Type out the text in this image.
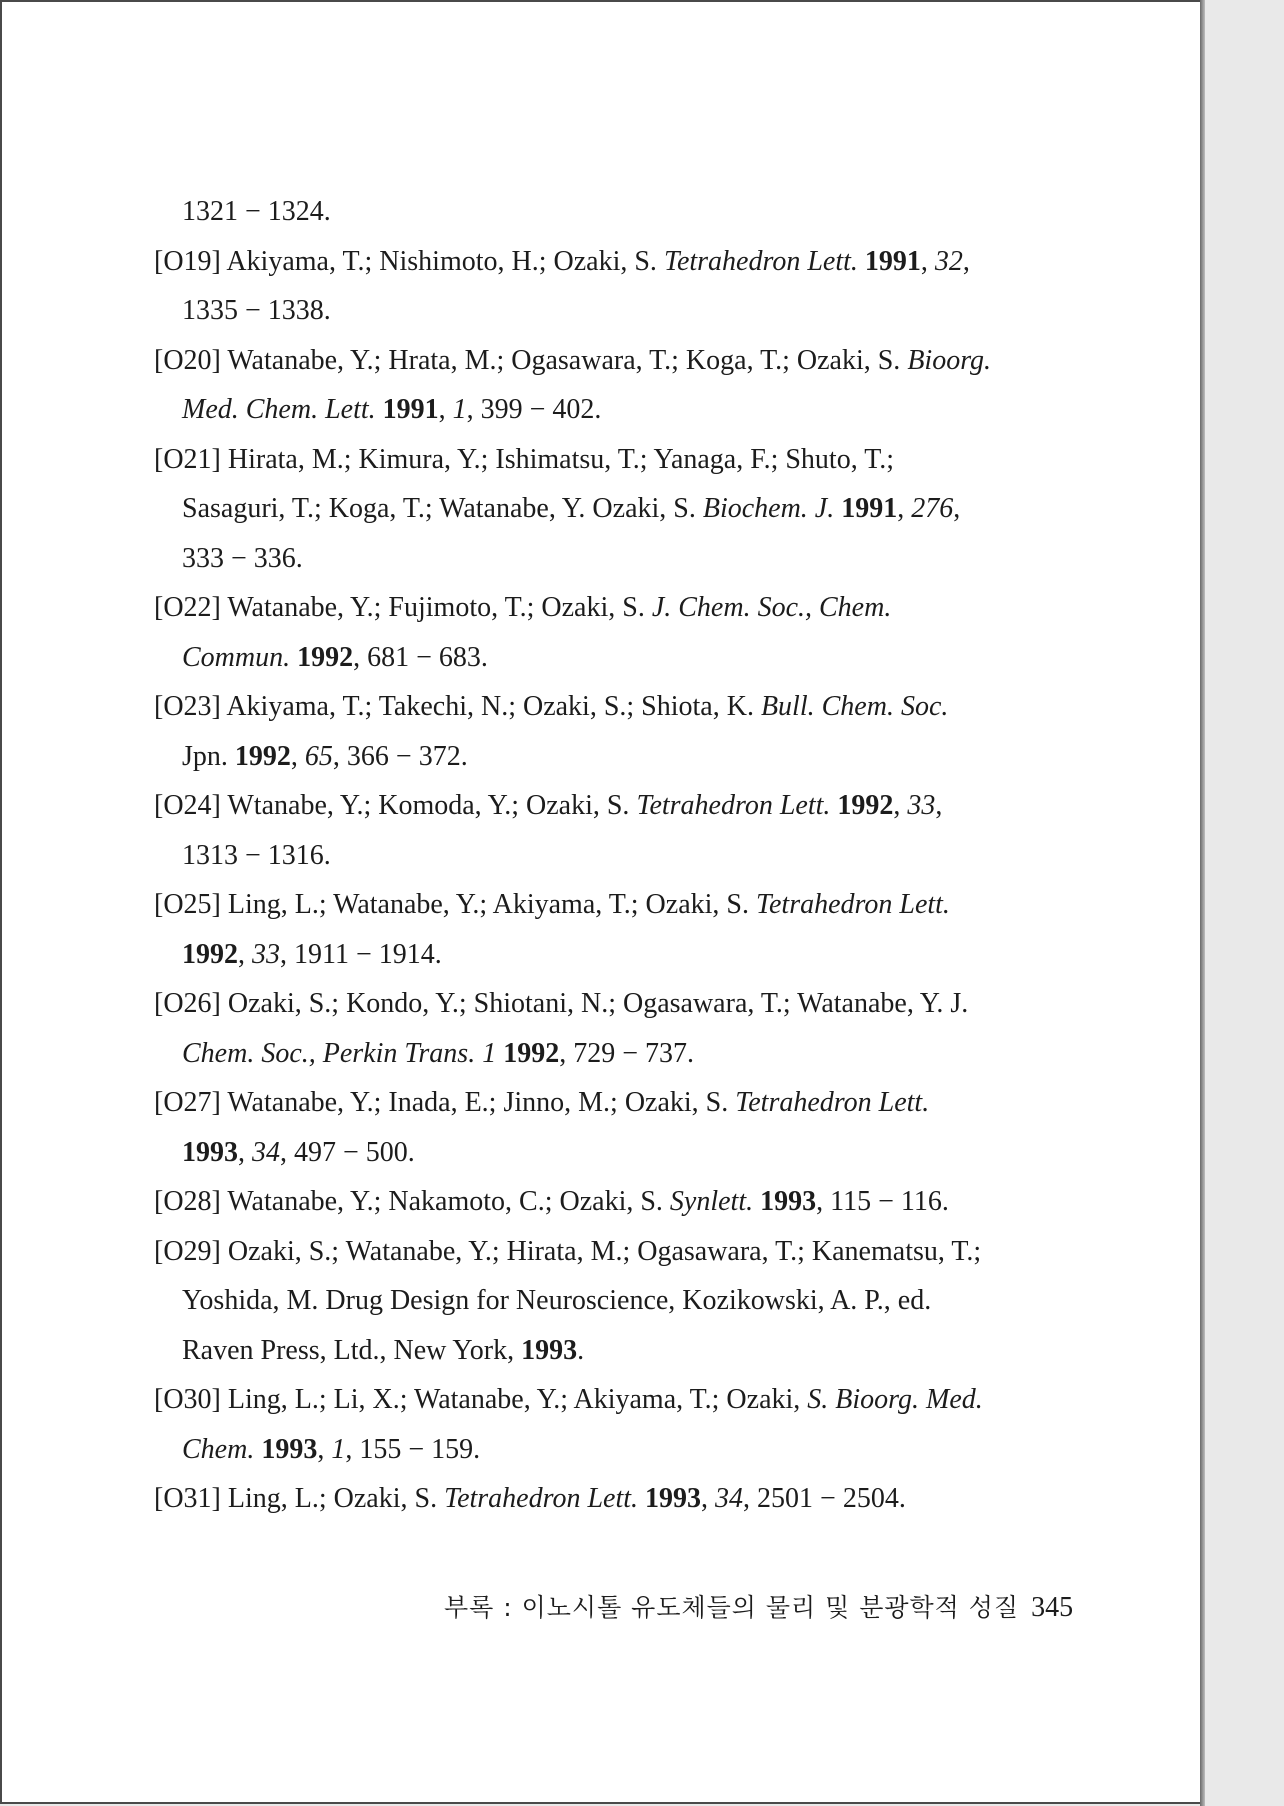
1321 − 1324.
[O19] Akiyama, T.; Nishimoto, H.; Ozaki, S. Tetrahedron Lett. 1991, 32,
1335 − 1338.
[O20] Watanabe, Y.; Hrata, M.; Ogasawara, T.; Koga, T.; Ozaki, S. Bioorg.
Med. Chem. Lett. 1991, 1, 399 − 402.
[O21] Hirata, M.; Kimura, Y.; Ishimatsu, T.; Yanaga, F.; Shuto, T.;
Sasaguri, T.; Koga, T.; Watanabe, Y. Ozaki, S. Biochem. J. 1991, 276,
333 − 336.
[O22] Watanabe, Y.; Fujimoto, T.; Ozaki, S. J. Chem. Soc., Chem.
Commun. 1992, 681 − 683.
[O23] Akiyama, T.; Takechi, N.; Ozaki, S.; Shiota, K. Bull. Chem. Soc.
Jpn. 1992, 65, 366 − 372.
[O24] Wtanabe, Y.; Komoda, Y.; Ozaki, S. Tetrahedron Lett. 1992, 33,
1313 − 1316.
[O25] Ling, L.; Watanabe, Y.; Akiyama, T.; Ozaki, S. Tetrahedron Lett.
1992, 33, 1911 − 1914.
[O26] Ozaki, S.; Kondo, Y.; Shiotani, N.; Ogasawara, T.; Watanabe, Y. J.
Chem. Soc., Perkin Trans. 1 1992, 729 − 737.
[O27] Watanabe, Y.; Inada, E.; Jinno, M.; Ozaki, S. Tetrahedron Lett.
1993, 34, 497 − 500.
[O28] Watanabe, Y.; Nakamoto, C.; Ozaki, S. Synlett. 1993, 115 − 116.
[O29] Ozaki, S.; Watanabe, Y.; Hirata, M.; Ogasawara, T.; Kanematsu, T.;
Yoshida, M. Drug Design for Neuroscience, Kozikowski, A. P., ed.
Raven Press, Ltd., New York, 1993.
[O30] Ling, L.; Li, X.; Watanabe, Y.; Akiyama, T.; Ozaki, S. Bioorg. Med.
Chem. 1993, 1, 155 − 159.
[O31] Ling, L.; Ozaki, S. Tetrahedron Lett. 1993, 34, 2501 − 2504.
부록 : 이노시톨 유도체들의 물리 및 분광학적 성질 345
